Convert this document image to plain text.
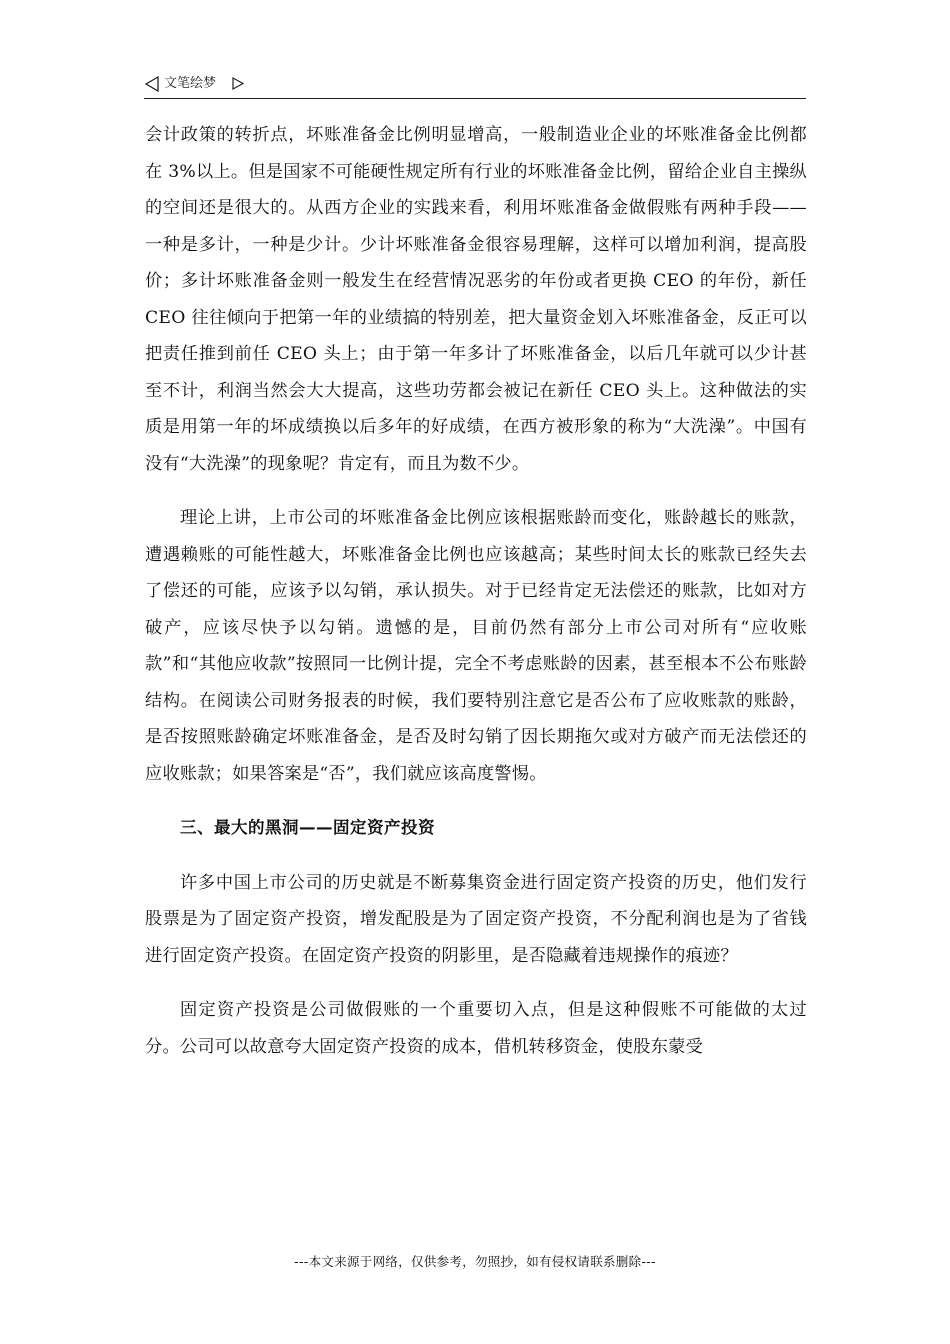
文笔绘梦

会计政策的转折点，坏账准备金比例明显增高，一般制造业企业的坏账准备金比例都在 3%以上。但是国家不可能硬性规定所有行业的坏账准备金比例，留给企业自主操纵的空间还是很大的。从西方企业的实践来看，利用坏账准备金做假账有两种手段——一种是多计，一种是少计。少计坏账准备金很容易理解，这样可以增加利润，提高股价；多计坏账准备金则一般发生在经营情况恶劣的年份或者更换 CEO 的年份，新任 CEO 往往倾向于把第一年的业绩搞的特别差，把大量资金划入坏账准备金，反正可以把责任推到前任 CEO 头上；由于第一年多计了坏账准备金，以后几年就可以少计甚至不计，利润当然会大大提高，这些功劳都会被记在新任 CEO 头上。这种做法的实质是用第一年的坏成绩换以后多年的好成绩，在西方被形象的称为“大洗澡”。中国有没有“大洗澡”的现象呢？肯定有，而且为数不少。

理论上讲，上市公司的坏账准备金比例应该根据账龄而变化，账龄越长的账款，遭遇赖账的可能性越大，坏账准备金比例也应该越高；某些时间太长的账款已经失去了偿还的可能，应该予以勾销，承认损失。对于已经肯定无法偿还的账款，比如对方破产，应该尽快予以勾销。遗憾的是，目前仍然有部分上市公司对所有“应收账款”和“其他应收款”按照同一比例计提，完全不考虑账龄的因素，甚至根本不公布账龄结构。在阅读公司财务报表的时候，我们要特别注意它是否公布了应收账款的账龄，是否按照账龄确定坏账准备金，是否及时勾销了因长期拖欠或对方破产而无法偿还的应收账款；如果答案是“否”，我们就应该高度警惕。

三、最大的黑洞——固定资产投资

许多中国上市公司的历史就是不断募集资金进行固定资产投资的历史，他们发行股票是为了固定资产投资，增发配股是为了固定资产投资，不分配利润也是为了省钱进行固定资产投资。在固定资产投资的阴影里，是否隐藏着违规操作的痕迹？

固定资产投资是公司做假账的一个重要切入点，但是这种假账不可能做的太过分。公司可以故意夸大固定资产投资的成本，借机转移资金，使股东蒙受

---本文来源于网络，仅供参考，勿照抄，如有侵权请联系删除---
